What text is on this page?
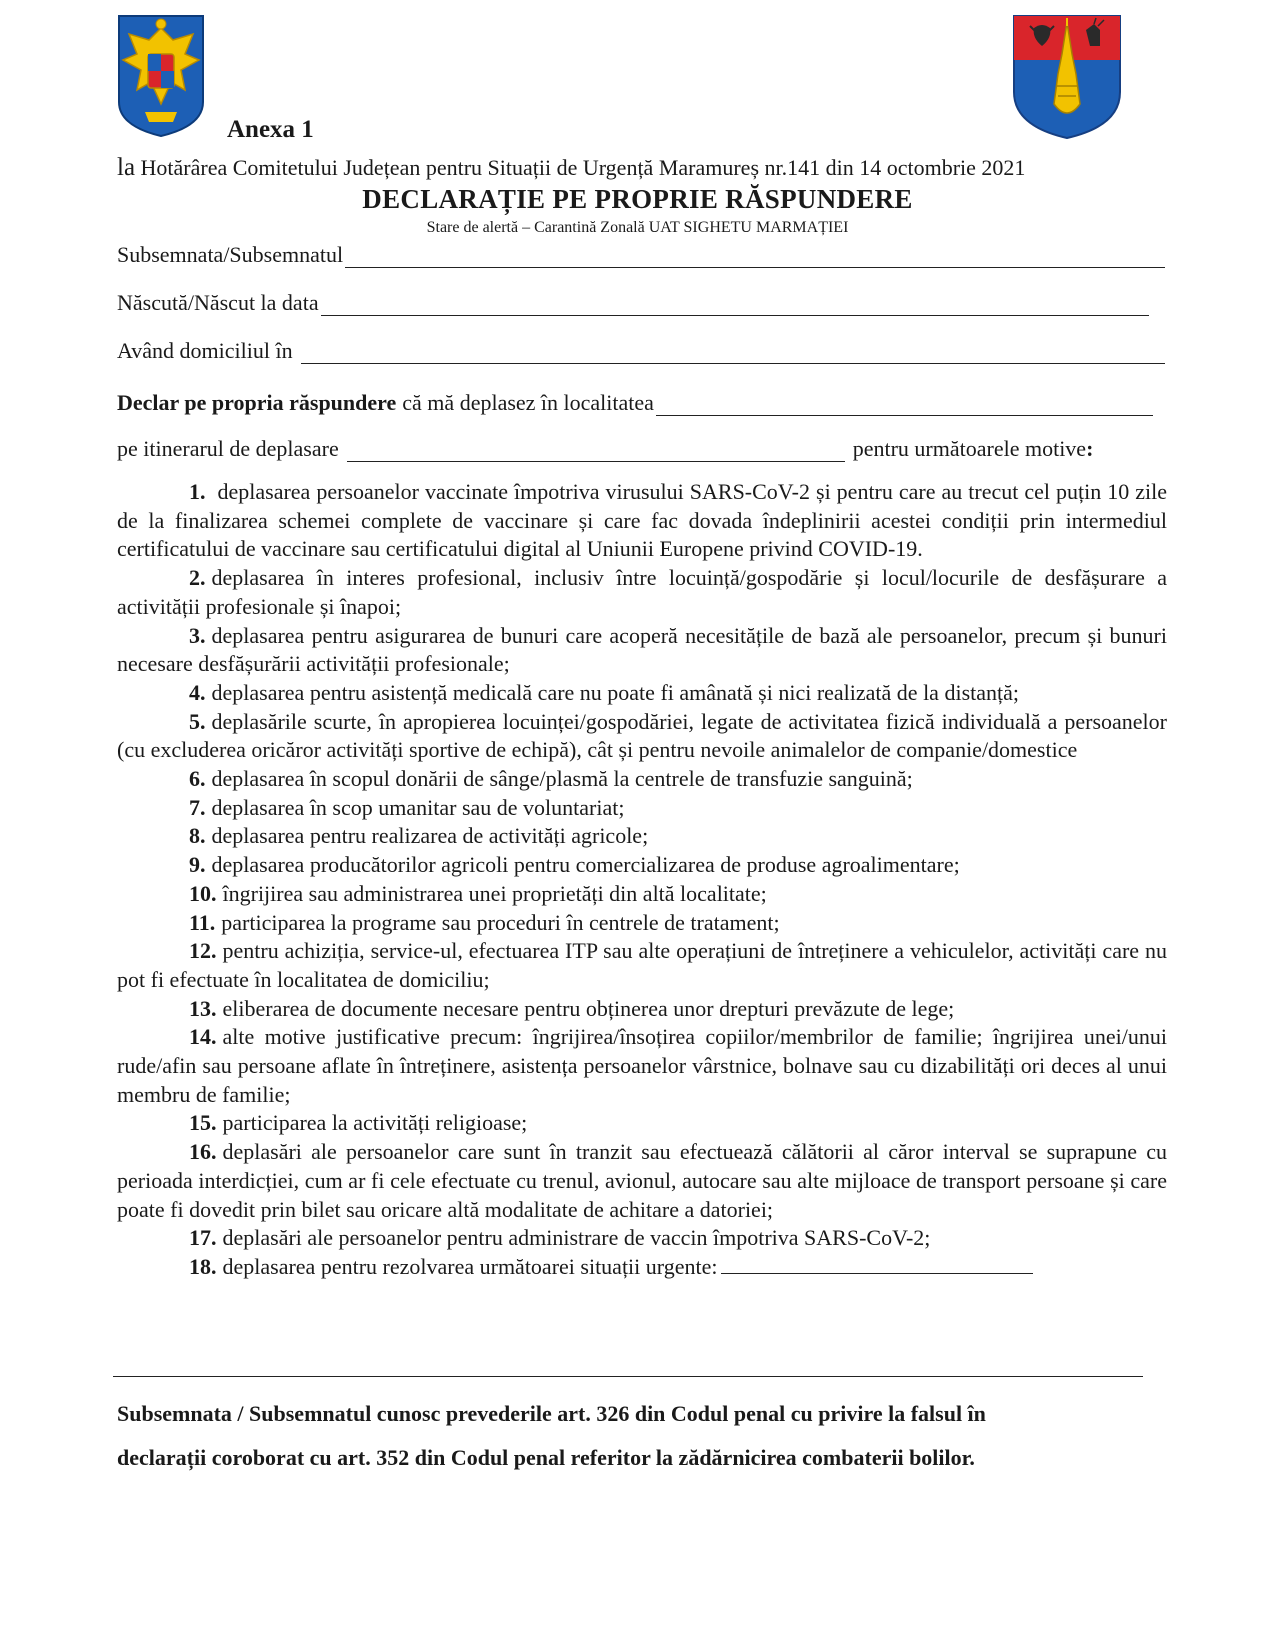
Anexa 1
la Hotărârea Comitetului Județean pentru Situații de Urgență Maramureș nr.141 din 14 octombrie 2021
DECLARAȚIE PE PROPRIE RĂSPUNDERE
Stare de alertă – Carantină Zonală UAT SIGHETU MARMAȚIEI
Subsemnata/Subsemnatul
Născută/Născut la data
Având domiciliul în
Declar pe propria răspundere că mă deplasez în localitatea
pe itinerarul de deplasare	pentru următoarele motive :

1. deplasarea persoanelor vaccinate împotriva virusului SARS-CoV-2 și pentru care au trecut cel puțin 10 zile de la finalizarea schemei complete de vaccinare și care fac dovada îndeplinirii acestei condiții prin intermediul certificatului de vaccinare sau certificatului digital al Uniunii Europene privind COVID-19.

2. deplasarea în interes profesional, inclusiv între locuință/gospodărie și locul/locurile de desfășurare a activității profesionale și înapoi;

3. deplasarea pentru asigurarea de bunuri care acoperă necesitățile de bază ale persoanelor, precum și bunuri necesare desfășurării activității profesionale;

4. deplasarea pentru asistență medicală care nu poate fi amânată și nici realizată de la distanță;

5. deplasările scurte, în apropierea locuinței/gospodăriei, legate de activitatea fizică individuală a persoanelor (cu excluderea oricăror activități sportive de echipă), cât și pentru nevoile animalelor de companie/domestice

6. deplasarea în scopul donării de sânge/plasmă la centrele de transfuzie sanguină;

7. deplasarea în scop umanitar sau de voluntariat;

8. deplasarea pentru realizarea de activități agricole;

9. deplasarea producătorilor agricoli pentru comercializarea de produse agroalimentare;

10. îngrijirea sau administrarea unei proprietăți din altă localitate;

11. participarea la programe sau proceduri în centrele de tratament;

12. pentru achiziția, service-ul, efectuarea ITP sau alte operațiuni de întreținere a vehiculelor, activități care nu pot fi efectuate în localitatea de domiciliu;

13. eliberarea de documente necesare pentru obținerea unor drepturi prevăzute de lege;

14. alte motive justificative precum: îngrijirea/însoțirea copiilor/membrilor de familie; îngrijirea unei/unui rude/afin sau persoane aflate în întreținere, asistența persoanelor vârstnice, bolnave sau cu dizabilități ori deces al unui membru de familie;

15. participarea la activități religioase;

16. deplasări ale persoanelor care sunt în tranzit sau efectuează călătorii al căror interval se suprapune cu perioada interdicției, cum ar fi cele efectuate cu trenul, avionul, autocare sau alte mijloace de transport persoane și care poate fi dovedit prin bilet sau oricare altă modalitate de achitare a datoriei;

17. deplasări ale persoanelor pentru administrare de vaccin împotriva SARS-CoV-2;

18. deplasarea pentru rezolvarea următoarei situații urgente:

Subsemnata / Subsemnatul cunosc prevederile art. 326 din Codul penal cu privire la falsul în

declarații coroborat cu art. 352 din Codul penal referitor la zădărnicirea combaterii bolilor.
